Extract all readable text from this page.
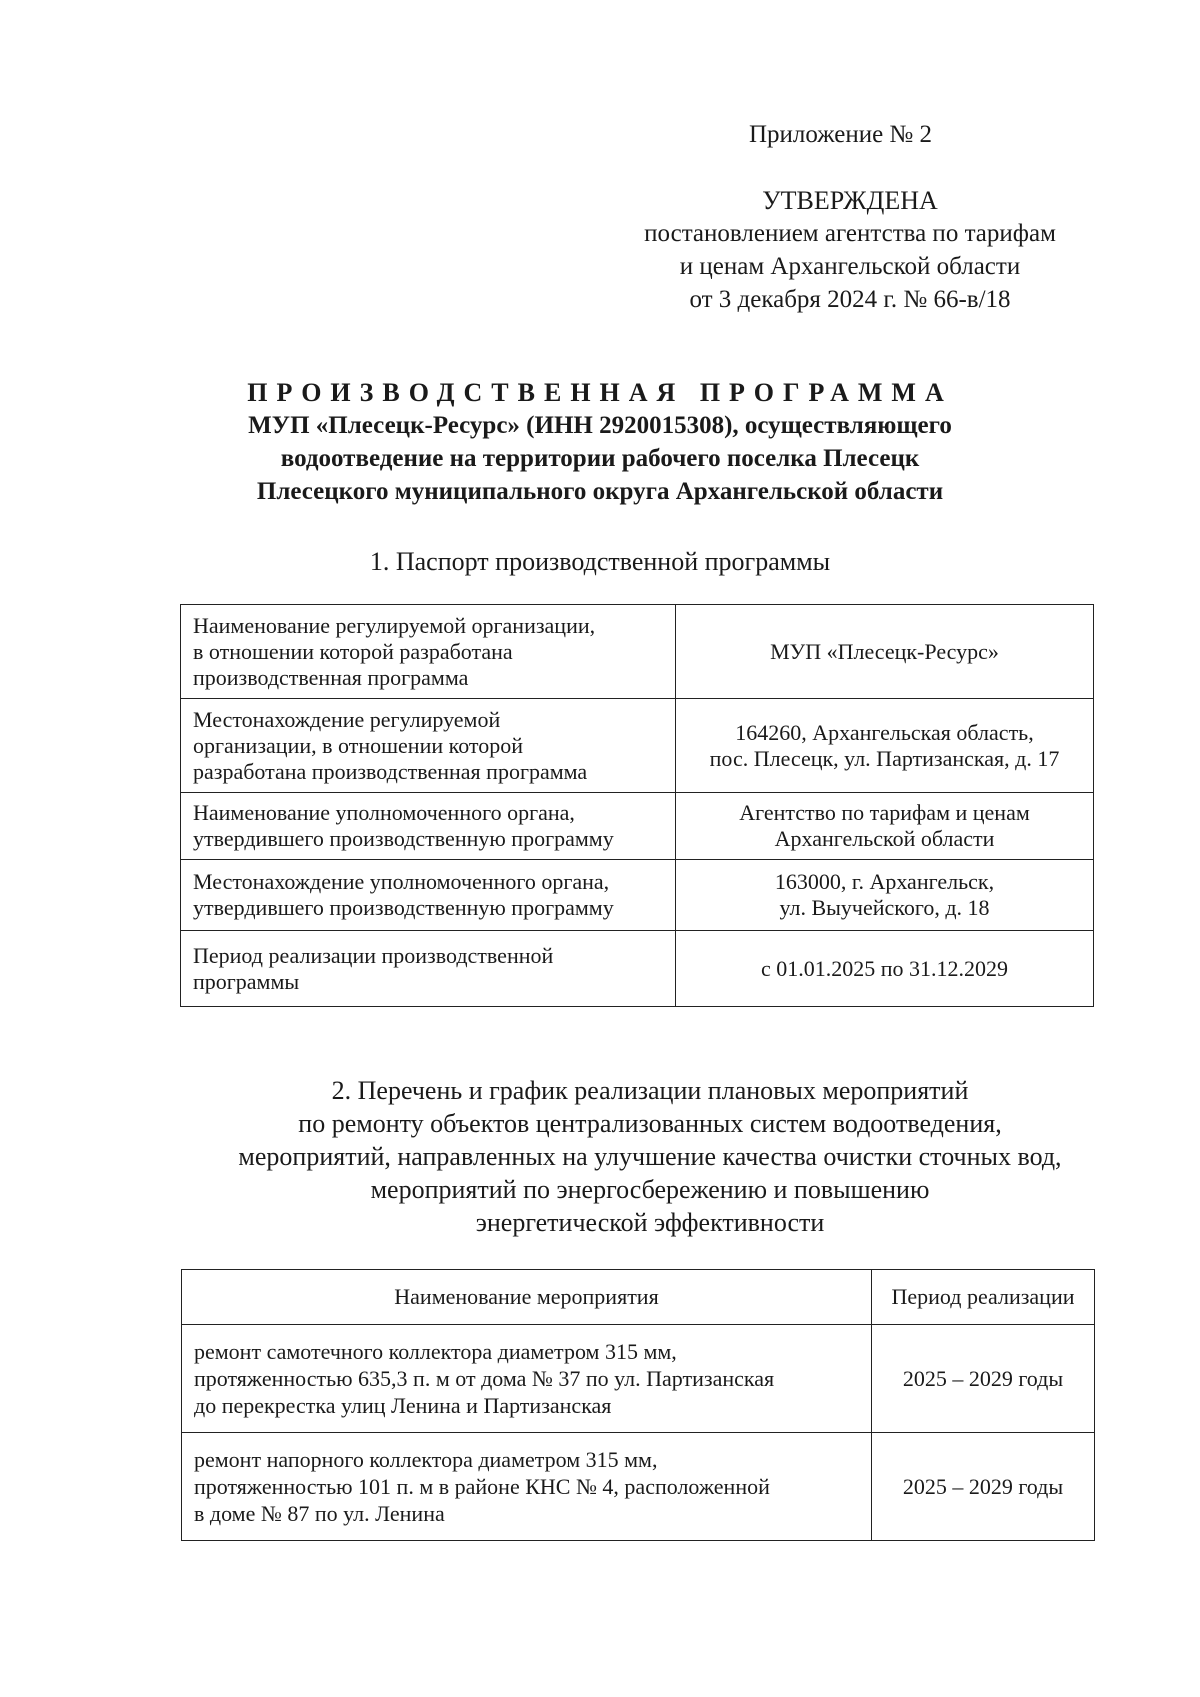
Приложение № 2
УТВЕРЖДЕНА
постановлением агентства по тарифам
и ценам Архангельской области
от 3 декабря 2024 г. № 66-в/18
ПРОИЗВОДСТВЕННАЯ ПРОГРАММА
МУП «Плесецк-Ресурс» (ИНН 2920015308), осуществляющего
водоотведение на территории рабочего поселка Плесецк
Плесецкого муниципального округа Архангельской области
1. Паспорт производственной программы
Наименование регулируемой организации,
в отношении которой разработана
производственная программа	МУП «Плесецк-Ресурс»
Местонахождение регулируемой
организации, в отношении которой
разработана производственная программа	164260, Архангельская область,
пос. Плесецк, ул. Партизанская, д. 17
Наименование уполномоченного органа,
утвердившего производственную программу	Агентство по тарифам и ценам
Архангельской области
Местонахождение уполномоченного органа,
утвердившего производственную программу	163000, г. Архангельск,
ул. Выучейского, д. 18
Период реализации производственной
программы	с 01.01.2025 по 31.12.2029
2. Перечень и график реализации плановых мероприятий
по ремонту объектов централизованных систем водоотведения,
мероприятий, направленных на улучшение качества очистки сточных вод,
мероприятий по энергосбережению и повышению
энергетической эффективности
Наименование мероприятия	Период реализации
ремонт самотечного коллектора диаметром 315 мм,
протяженностью 635,3 п. м от дома № 37 по ул. Партизанская
до перекрестка улиц Ленина и Партизанская	2025 – 2029 годы
ремонт напорного коллектора диаметром 315 мм,
протяженностью 101 п. м в районе КНС № 4, расположенной
в доме № 87 по ул. Ленина	2025 – 2029 годы
